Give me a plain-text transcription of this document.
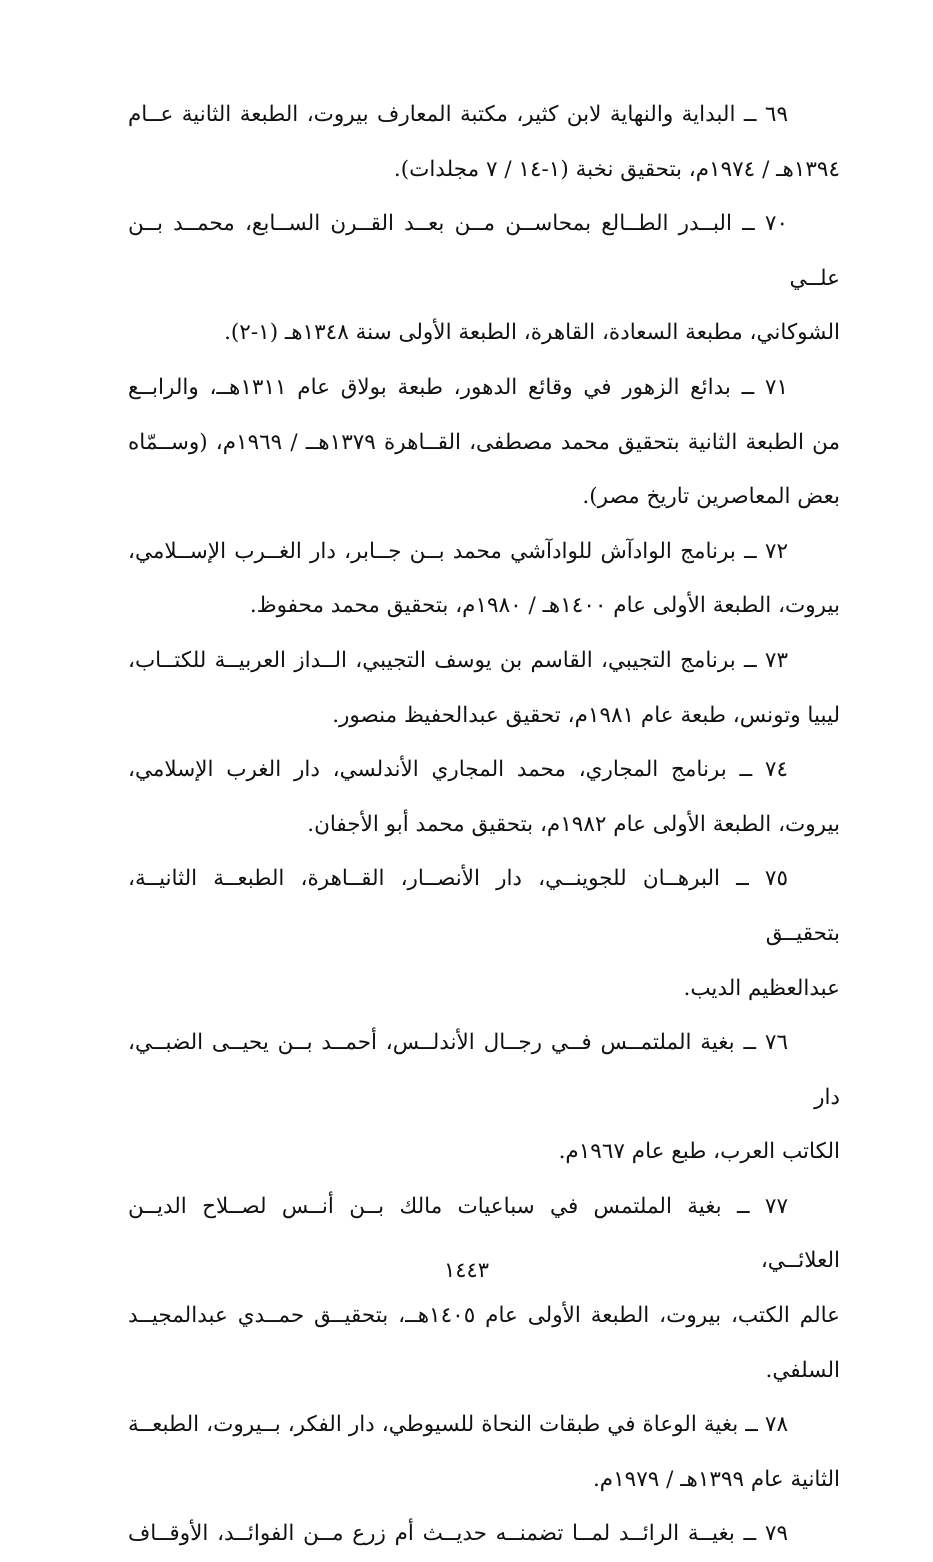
٦٩ ــ البداية والنهاية لابن كثير، مكتبة المعارف بيروت، الطبعة الثانية عــام
١٣٩٤هـ / ١٩٧٤م، بتحقيق نخبة (١-١٤ / ٧ مجلدات).
٧٠ ــ البــدر الطــالع بمحاســن مــن بعــد القــرن الســابع، محمــد بــن علــي
الشوكاني، مطبعة السعادة، القاهرة، الطبعة الأولى سنة ١٣٤٨هـ (١-٢).
٧١ ــ بدائع الزهور في وقائع الدهور، طبعة بولاق عام ١٣١١هــ، والرابــع
من الطبعة الثانية بتحقيق محمد مصطفى، القــاهرة ١٣٧٩هــ / ١٩٦٩م، (وســمّاه بعض المعاصرين تاريخ مصر).
٧٢ ــ برنامج الوادآش للوادآشي محمد بــن جــابر، دار الغــرب الإســلامي،
بيروت، الطبعة الأولى عام ١٤٠٠هـ / ١٩٨٠م، بتحقيق محمد محفوظ.
٧٣ ــ برنامج التجيبي، القاسم بن يوسف التجيبي، الــداز العربيــة للكتــاب،
ليبيا وتونس، طبعة عام ١٩٨١م، تحقيق عبدالحفيظ منصور.
٧٤ ــ برنامج المجاري، محمد المجاري الأندلسي، دار الغرب الإسلامي،
بيروت، الطبعة الأولى عام ١٩٨٢م، بتحقيق محمد أبو الأجفان.
٧٥ ــ البرهــان للجوينــي، دار الأنصــار، القــاهرة، الطبعــة الثانيــة، بتحقيــق
عبدالعظيم الديب.
٧٦ ــ بغية الملتمــس فــي رجــال الأندلــس، أحمــد بــن يحيــى الضبــي، دار
الكاتب العرب، طبع عام ١٩٦٧م.
٧٧ ــ بغية الملتمس في سباعيات مالك بــن أنــس لصــلاح الديــن العلائــي،
عالم الكتب، بيروت، الطبعة الأولى عام ١٤٠٥هــ، بتحقيــق حمــدي عبدالمجيــد السلفي.
٧٨ ــ بغية الوعاة في طبقات النحاة للسيوطي، دار الفكر، بــيروت، الطبعــة
الثانية عام ١٣٩٩هـ / ١٩٧٩م.
٧٩ ــ بغيــة الرائــد لمــا تضمنــه حديــث أم زرع مــن الفوائــد، الأوقــاف
١٤٤٣
